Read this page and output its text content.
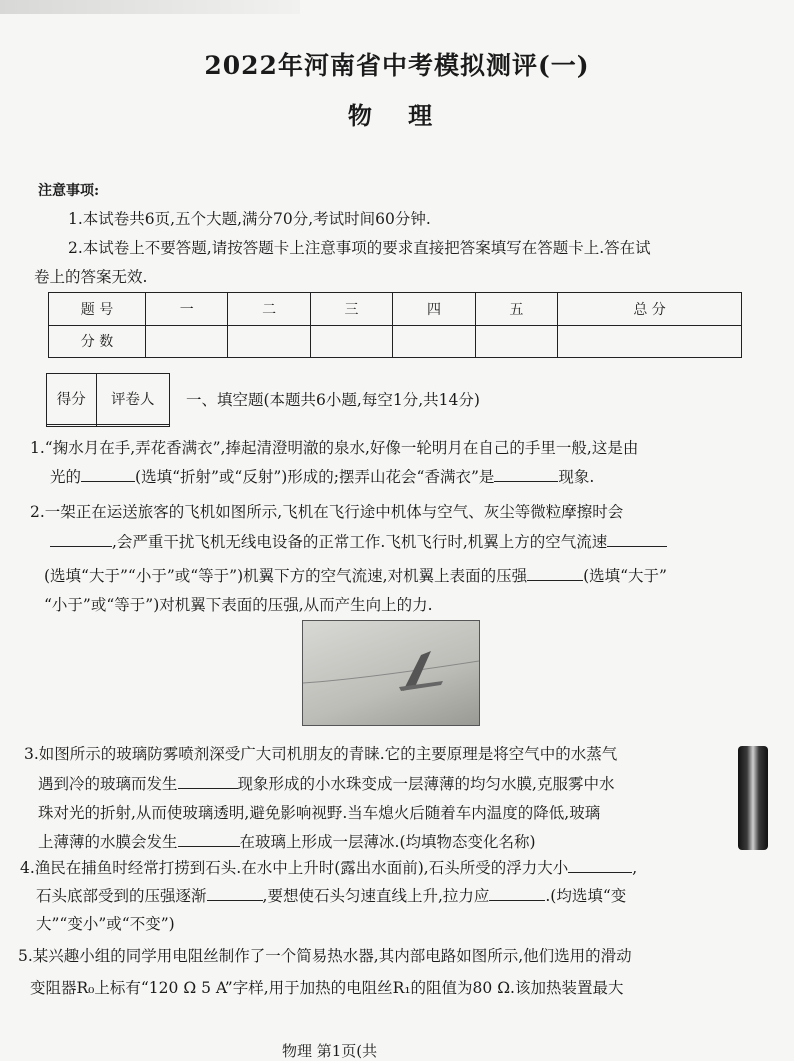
2022年河南省中考模拟测评(一)
物 理
注意事项:
1.本试卷共6页,五个大题,满分70分,考试时间60分钟.
2.本试卷上不要答题,请按答题卡上注意事项的要求直接把答案填写在答题卡上.答在试
卷上的答案无效.
题 号	一	二	三	四	五	总 分
分 数						
得分	评卷人
	一、填空题(本题共6小题,每空1分,共14分)
1.“掬水月在手,弄花香满衣”,捧起清澄明澈的泉水,好像一轮明月在自己的手里一般,这是由
光的	(选填“折射”或“反射”)形成的;摆弄山花会“香满衣”是	现象.
2.一架正在运送旅客的飞机如图所示,飞机在飞行途中机体与空气、灰尘等微粒摩擦时会
,会严重干扰飞机无线电设备的正常工作.飞机飞行时,机翼上方的空气流速
(选填“大于”“小于”或“等于”)机翼下方的空气流速,对机翼上表面的压强	(选填“大于”
“小于”或“等于”)对机翼下表面的压强,从而产生向上的力.
3.如图所示的玻璃防雾喷剂深受广大司机朋友的青睐.它的主要原理是将空气中的水蒸气
遇到冷的玻璃而发生	现象形成的小水珠变成一层薄薄的均匀水膜,克服雾中水
珠对光的折射,从而使玻璃透明,避免影响视野.当车熄火后随着车内温度的降低,玻璃
上薄薄的水膜会发生	在玻璃上形成一层薄冰.(均填物态变化名称)
4.渔民在捕鱼时经常打捞到石头.在水中上升时(露出水面前),石头所受的浮力大小	,
石头底部受到的压强逐渐	,要想使石头匀速直线上升,拉力应	.(均选填“变
大”“变小”或“不变”)
5.某兴趣小组的同学用电阻丝制作了一个简易热水器,其内部电路如图所示,他们选用的滑动
变阻器R₀上标有“120 Ω 5 A”字样,用于加热的电阻丝R₁的阻值为80 Ω.该加热装置最大
物理 第1页(共
